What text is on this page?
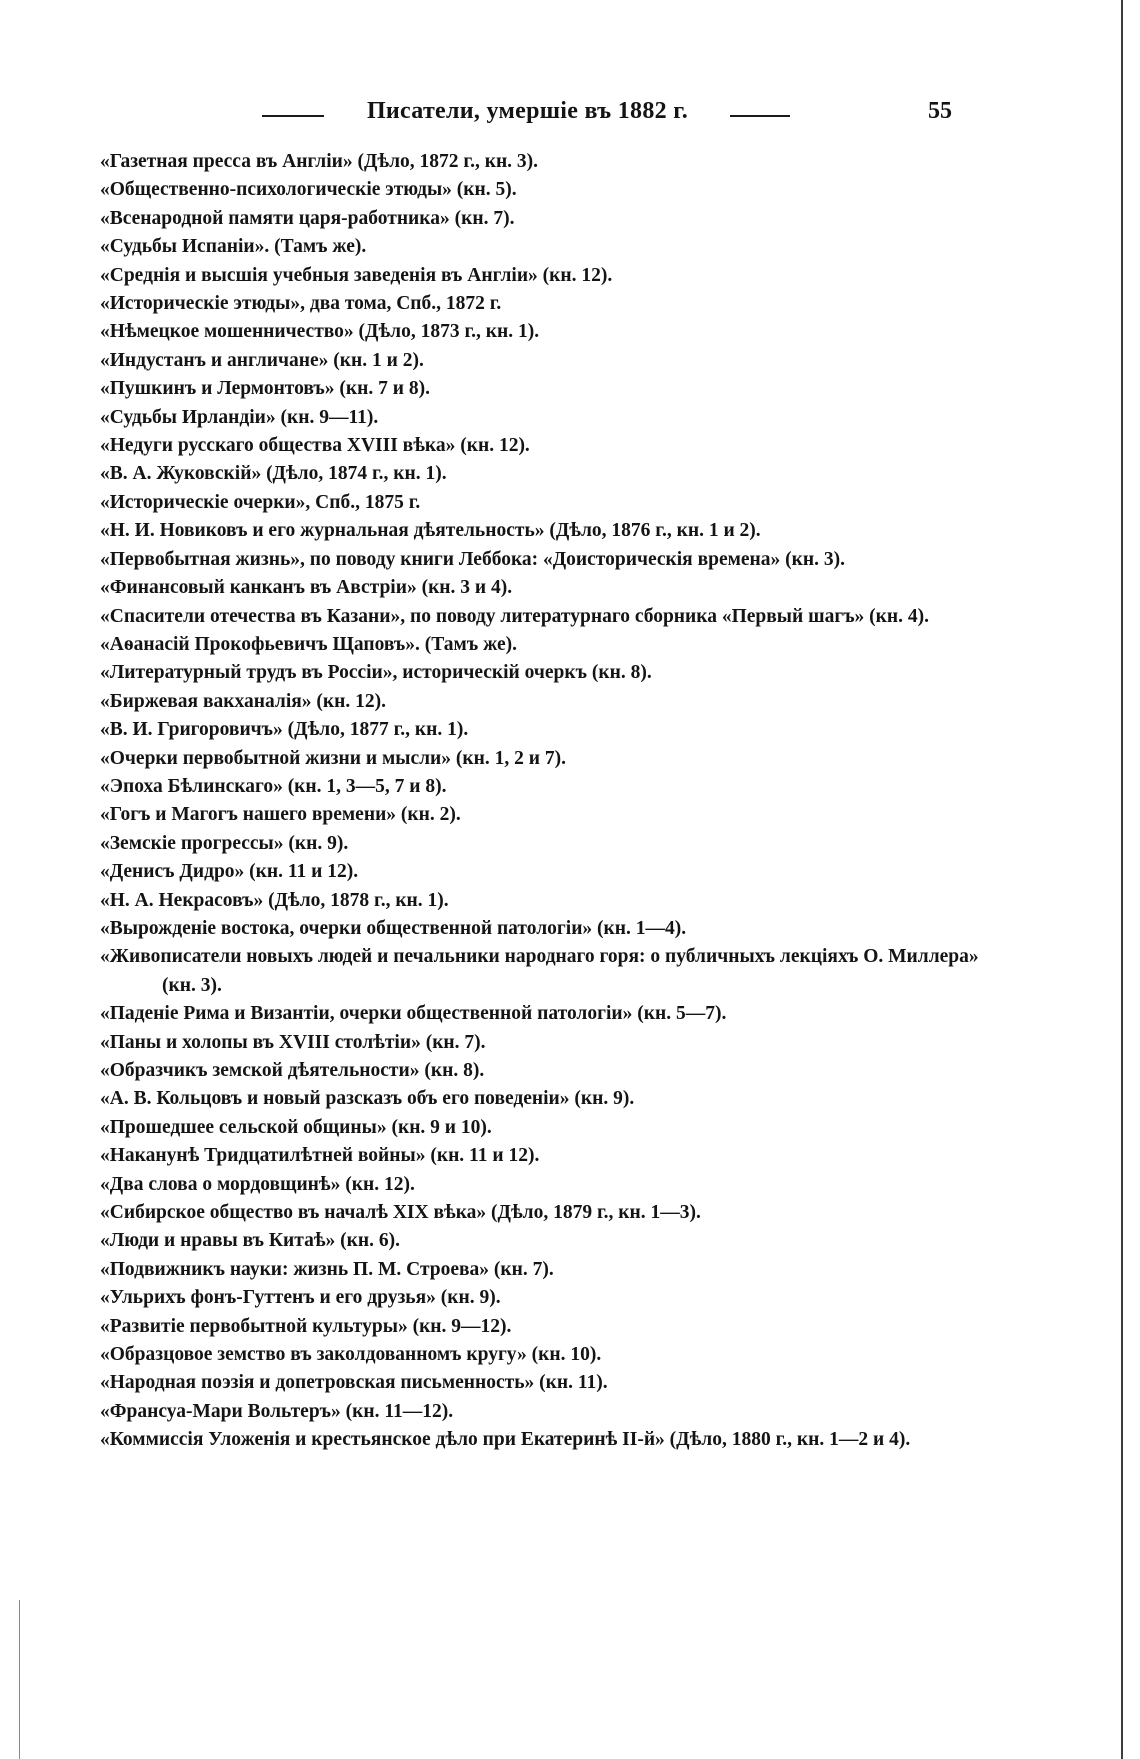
Писатели, умершіе въ 1882 г.	55
«Газетная пресса въ Англіи» (Дѣло, 1872 г., кн. 3).
«Общественно-психологическіе этюды» (кн. 5).
«Всенародной памяти царя-работника» (кн. 7).
«Судьбы Испаніи». (Тамъ же).
«Среднія и высшія учебныя заведенія въ Англіи» (кн. 12).
«Историческіе этюды», два тома, Спб., 1872 г.
«Нѣмецкое мошенничество» (Дѣло, 1873 г., кн. 1).
«Индустанъ и англичане» (кн. 1 и 2).
«Пушкинъ и Лермонтовъ» (кн. 7 и 8).
«Судьбы Ирландіи» (кн. 9—11).
«Недуги русскаго общества XVIII вѣка» (кн. 12).
«В. А. Жуковскій» (Дѣло, 1874 г., кн. 1).
«Историческіе очерки», Спб., 1875 г.
«Н. И. Новиковъ и его журнальная дѣятельность» (Дѣло, 1876 г., кн. 1 и 2).
«Первобытная жизнь», по поводу книги Леббока: «Доисторическія времена» (кн. 3).
«Финансовый канканъ въ Австріи» (кн. 3 и 4).
«Спасители отечества въ Казани», по поводу литературнаго сборника «Первый шагъ» (кн. 4).
«Аѳанасій Прокофьевичъ Щаповъ». (Тамъ же).
«Литературный трудъ въ Россіи», историческій очеркъ (кн. 8).
«Биржевая вакханалія» (кн. 12).
«В. И. Григоровичъ» (Дѣло, 1877 г., кн. 1).
«Очерки первобытной жизни и мысли» (кн. 1, 2 и 7).
«Эпоха Бѣлинскаго» (кн. 1, 3—5, 7 и 8).
«Гогъ и Магогъ нашего времени» (кн. 2).
«Земскіе прогрессы» (кн. 9).
«Денисъ Дидро» (кн. 11 и 12).
«Н. А. Некрасовъ» (Дѣло, 1878 г., кн. 1).
«Вырожденіе востока, очерки общественной патологіи» (кн. 1—4).
«Живописатели новыхъ людей и печальники народнаго горя: о публичныхъ лекціяхъ О. Миллера» (кн. 3).
«Паденіе Рима и Византіи, очерки общественной патологіи» (кн. 5—7).
«Паны и холопы въ XVIII столѣтіи» (кн. 7).
«Образчикъ земской дѣятельности» (кн. 8).
«А. В. Кольцовъ и новый разсказъ объ его поведеніи» (кн. 9).
«Прошедшее сельской общины» (кн. 9 и 10).
«Наканунѣ Тридцатилѣтней войны» (кн. 11 и 12).
«Два слова о мордовщинѣ» (кн. 12).
«Сибирское общество въ началѣ XIX вѣка» (Дѣло, 1879 г., кн. 1—3).
«Люди и нравы въ Китаѣ» (кн. 6).
«Подвижникъ науки: жизнь П. М. Строева» (кн. 7).
«Ульрихъ фонъ-Гуттенъ и его друзья» (кн. 9).
«Развитіе первобытной культуры» (кн. 9—12).
«Образцовое земство въ заколдованномъ кругу» (кн. 10).
«Народная поэзія и допетровская письменность» (кн. 11).
«Франсуа-Мари Вольтеръ» (кн. 11—12).
«Коммиссія Уложенія и крестьянское дѣло при Екатеринѣ II-й» (Дѣло, 1880 г., кн. 1—2 и 4).
